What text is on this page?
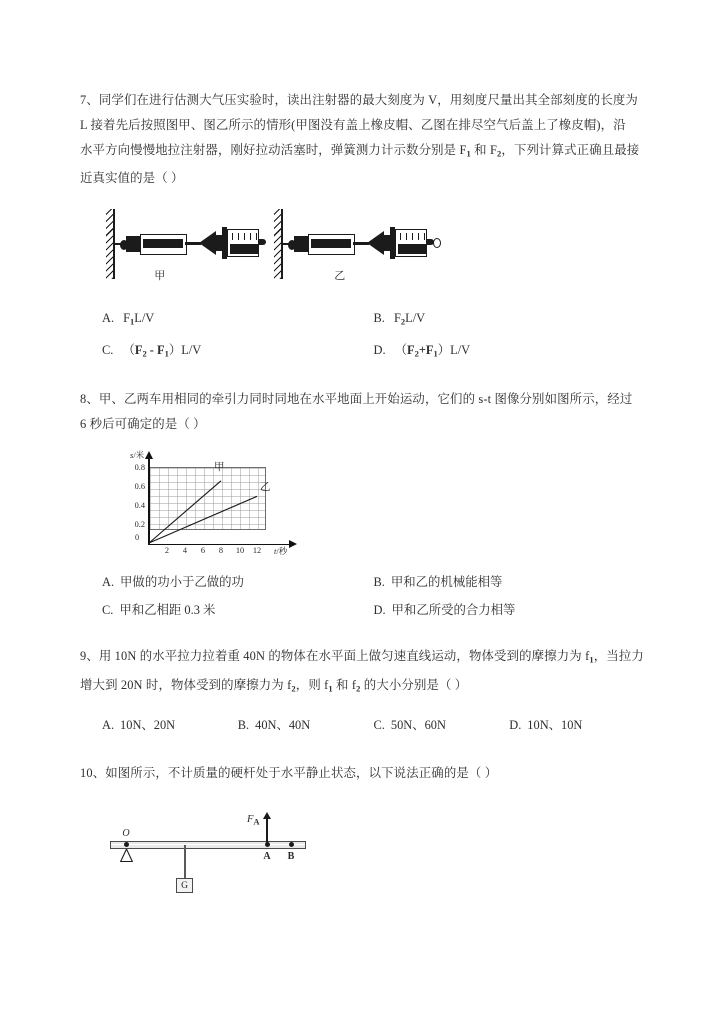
7、同学们在进行估测大气压实验时，读出注射器的最大刻度为 V，用刻度尺量出其全部刻度的长度为
L 接着先后按照图甲、图乙所示的情形(甲图没有盖上橡皮帽、乙图在排尽空气后盖上了橡皮帽)，沿
水平方向慢慢地拉注射器，刚好拉动活塞时，弹簧测力计示数分别是 $F_1$ 和 $F_2$，下列计算式正确且最接
近真实值的是（ ）
甲	乙
A. $F_1L/V$	B. $F_2L/V$
C. $(F_2 - F_1)L/V$	D. $(F_2+F_1)L/V$
8、甲、乙两车用相同的牵引力同时同地在水平地面上开始运动，它们的 s-t 图像分别如图所示，经过
6 秒后可确定的是（ ）
s/米
t/秒
0.8
0.6
0.4
0.2
0
2 4 6 8 10 12
甲
乙
A. 甲做的功小于乙做的功	B. 甲和乙的机械能相等
C. 甲和乙相距 0.3 米	D. 甲和乙所受的合力相等
9、用 10N 的水平拉力拉着重 40N 的物体在水平面上做匀速直线运动，物体受到的摩擦力为 $f_1$，当拉力
增大到 20N 时，物体受到的摩擦力为 $f_2$，则 $f_1$ 和 $f_2$ 的大小分别是（ ）
A. 10N、20N	B. 40N、40N	C. 50N、60N	D. 10N、10N
10、如图所示，不计质量的硬杆处于水平静止状态，以下说法正确的是（ ）
O
G
$F_A$
A B
